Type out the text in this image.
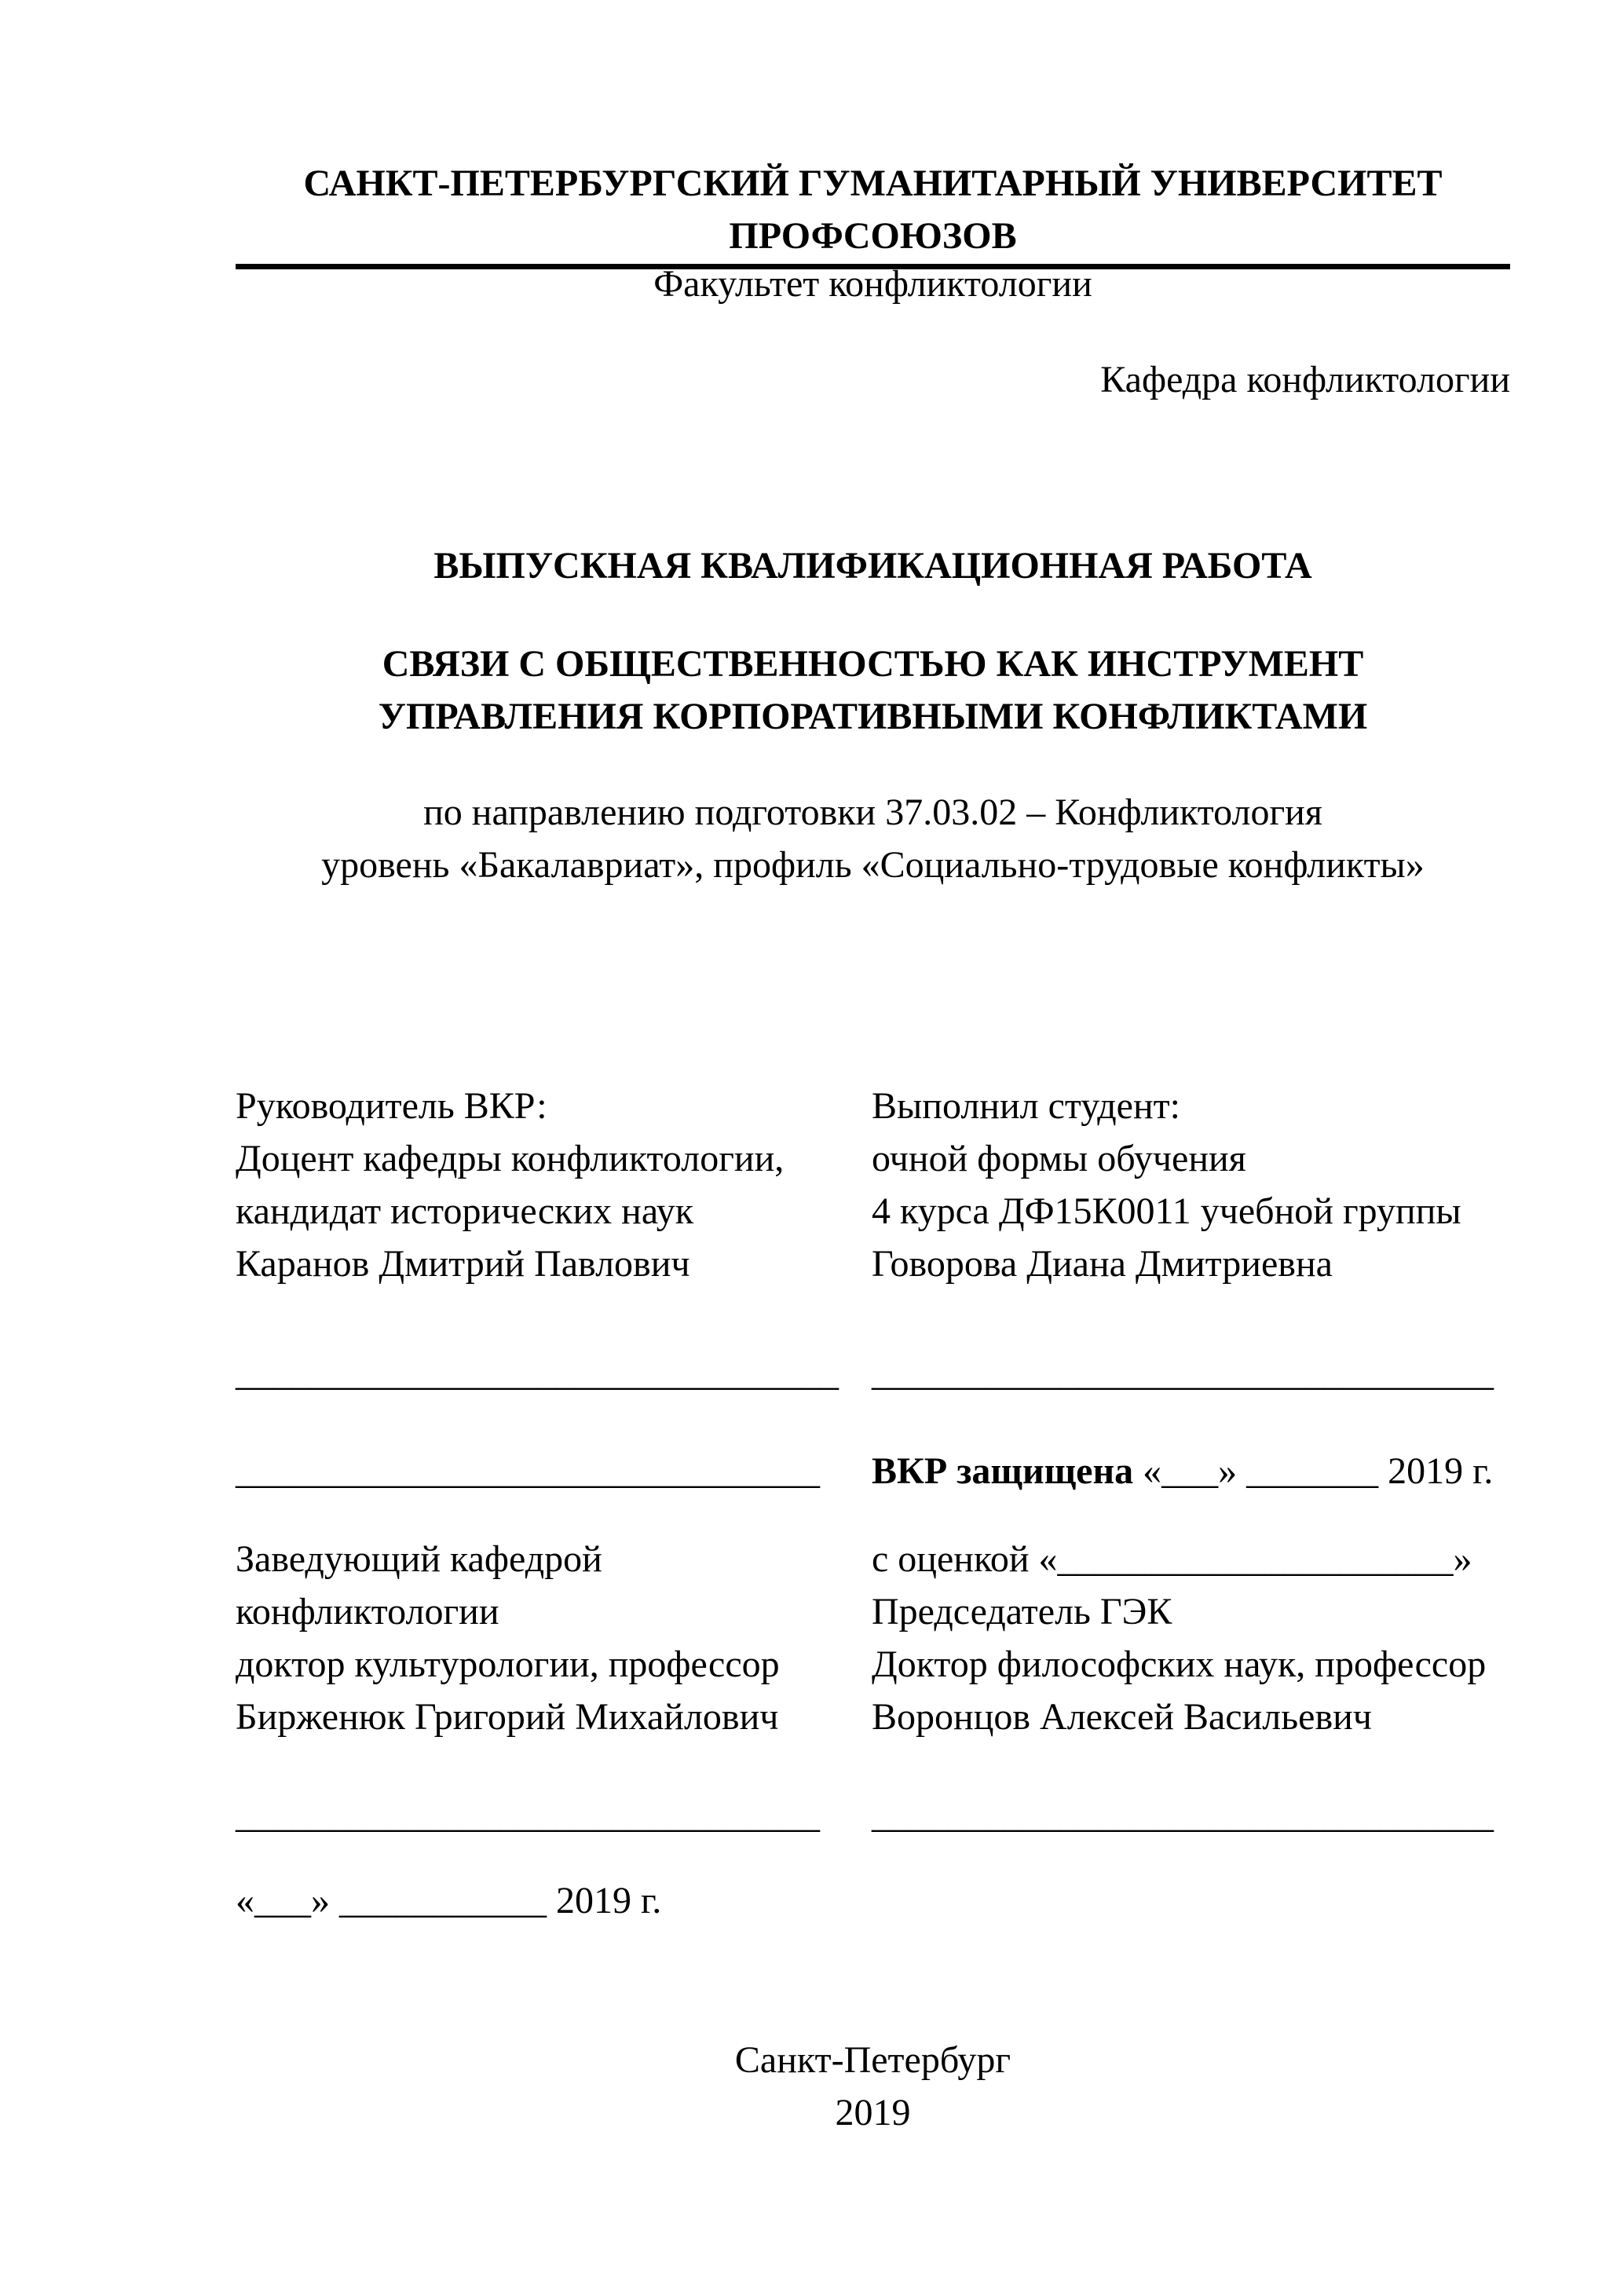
САНКТ-ПЕТЕРБУРГСКИЙ ГУМАНИТАРНЫЙ УНИВЕРСИТЕТ
ПРОФСОЮЗОВ
Факультет конфликтологии
Кафедра конфликтологии
ВЫПУСКНАЯ КВАЛИФИКАЦИОННАЯ РАБОТА
СВЯЗИ С ОБЩЕСТВЕННОСТЬЮ КАК ИНСТРУМЕНТ
УПРАВЛЕНИЯ КОРПОРАТИВНЫМИ КОНФЛИКТАМИ
по направлению подготовки 37.03.02 – Конфликтология
уровень «Бакалавриат», профиль «Социально-трудовые конфликты»
Руководитель ВКР:
Доцент кафедры конфликтологии,
кандидат исторических наук
Каранов Дмитрий Павлович
Выполнил студент:
очной формы обучения
4 курса ДФ15К0011 учебной группы
Говорова Диана Дмитриевна
________________________________ _________________________________
_______________________________	ВКР защищена «___» _______ 2019 г.
Заведующий кафедрой
конфликтологии
доктор культурологии, профессор
Бирженюк Григорий Михайлович
с оценкой «_____________________»
Председатель ГЭК
Доктор философских наук, профессор
Воронцов Алексей Васильевич
_______________________________	_________________________________
«___» ___________ 2019 г.
Санкт-Петербург
2019
